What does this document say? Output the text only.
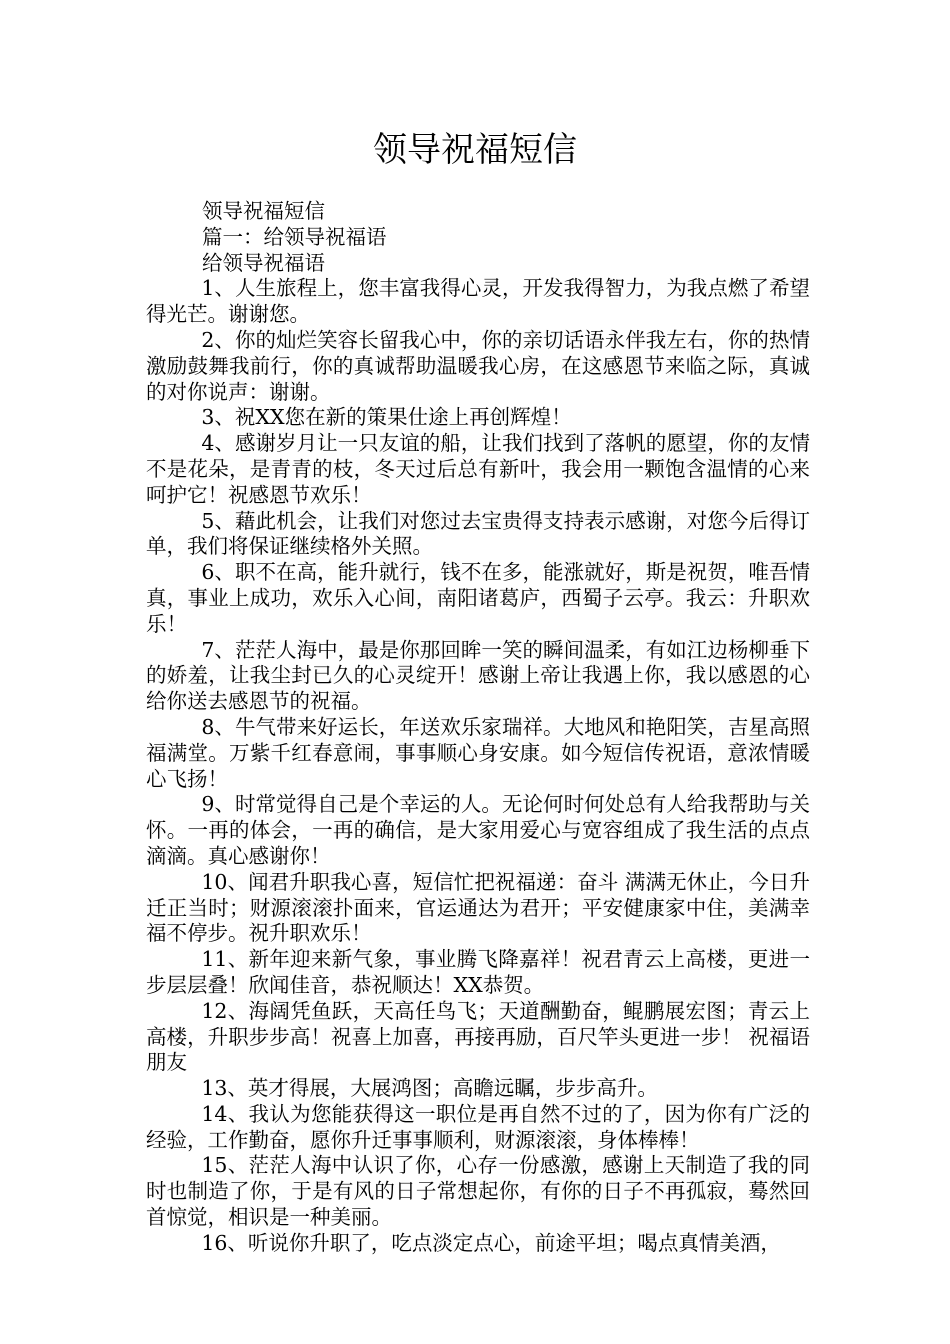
领导祝福短信

领导祝福短信

篇一：给领导祝福语

给领导祝福语

1、人生旅程上，您丰富我得心灵，开发我得智力，为我点燃了希望得光芒。谢谢您。

2、你的灿烂笑容长留我心中，你的亲切话语永伴我左右，你的热情激励鼓舞我前行，你的真诚帮助温暖我心房，在这感恩节来临之际，真诚的对你说声：谢谢。

3、祝XX您在新的策果仕途上再创辉煌！

4、感谢岁月让一只友谊的船，让我们找到了落帆的愿望，你的友情不是花朵，是青青的枝，冬天过后总有新叶，我会用一颗饱含温情的心来呵护它！祝感恩节欢乐！

5、藉此机会，让我们对您过去宝贵得支持表示感谢，对您今后得订单，我们将保证继续格外关照。

6、职不在高，能升就行，钱不在多，能涨就好，斯是祝贺，唯吾情真，事业上成功，欢乐入心间，南阳诸葛庐，西蜀子云亭。我云：升职欢乐！

7、茫茫人海中，最是你那回眸一笑的瞬间温柔，有如江边杨柳垂下的娇羞，让我尘封已久的心灵绽开！感谢上帝让我遇上你，我以感恩的心给你送去感恩节的祝福。

8、牛气带来好运长，年送欢乐家瑞祥。大地风和艳阳笑，吉星高照福满堂。万紫千红春意闹，事事顺心身安康。如今短信传祝语，意浓情暖心飞扬！

9、时常觉得自己是个幸运的人。无论何时何处总有人给我帮助与关怀。一再的体会，一再的确信，是大家用爱心与宽容组成了我生活的点点滴滴。真心感谢你！

10、闻君升职我心喜，短信忙把祝福递：奋斗 满满无休止，今日升迁正当时；财源滚滚扑面来，官运通达为君开；平安健康家中住，美满幸福不停步。祝升职欢乐！

11、新年迎来新气象，事业腾飞降嘉祥！祝君青云上高楼，更进一步层层叠！欣闻佳音，恭祝顺达！XX恭贺。

12、海阔凭鱼跃，天高任鸟飞；天道酬勤奋，鲲鹏展宏图；青云上高楼，升职步步高！祝喜上加喜，再接再励，百尺竿头更进一步！ 祝福语 朋友

13、英才得展，大展鸿图；高瞻远瞩，步步高升。

14、我认为您能获得这一职位是再自然不过的了，因为你有广泛的经验，工作勤奋，愿你升迁事事顺利，财源滚滚，身体棒棒！

15、茫茫人海中认识了你，心存一份感激，感谢上天制造了我的同时也制造了你，于是有风的日子常想起你，有你的日子不再孤寂，蓦然回首惊觉，相识是一种美丽。

16、听说你升职了，吃点淡定点心，前途平坦；喝点真情美酒，
